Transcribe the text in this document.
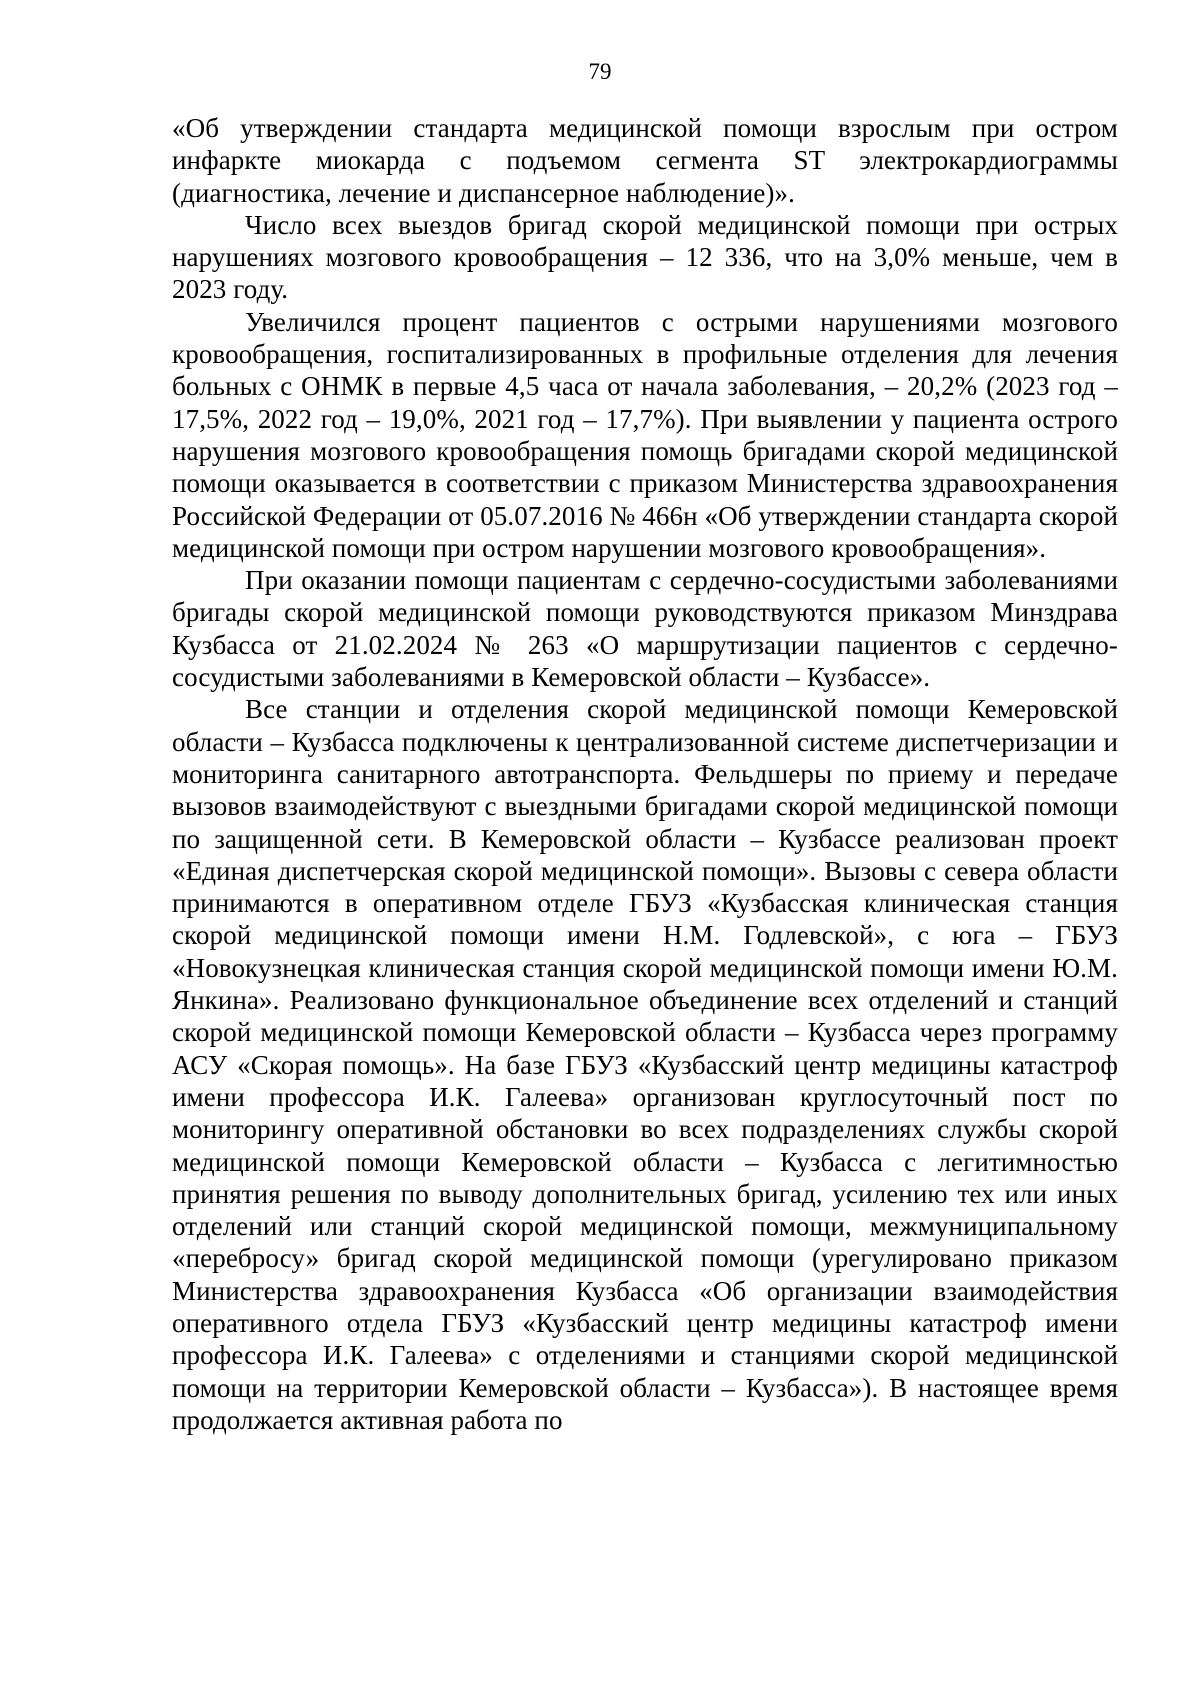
79

«Об утверждении стандарта медицинской помощи взрослым при остром инфаркте миокарда с подъемом сегмента ST электрокардиограммы (диагностика, лечение и диспансерное наблюдение)».

Число всех выездов бригад скорой медицинской помощи при острых нарушениях мозгового кровообращения – 12 336, что на 3,0% меньше, чем в 2023 году.

Увеличился процент пациентов с острыми нарушениями мозгового кровообращения, госпитализированных в профильные отделения для лечения больных с ОНМК в первые 4,5 часа от начала заболевания, – 20,2% (2023 год – 17,5%, 2022 год – 19,0%, 2021 год – 17,7%). При выявлении у пациента острого нарушения мозгового кровообращения помощь бригадами скорой медицинской помощи оказывается в соответствии с приказом Министерства здравоохранения Российской Федерации от 05.07.2016 № 466н «Об утверждении стандарта скорой медицинской помощи при остром нарушении мозгового кровообращения».

При оказании помощи пациентам с сердечно-сосудистыми заболеваниями бригады скорой медицинской помощи руководствуются приказом Минздрава Кузбасса от 21.02.2024 № 263 «О маршрутизации пациентов с сердечно-сосудистыми заболеваниями в Кемеровской области – Кузбассе».

Все станции и отделения скорой медицинской помощи Кемеровской области – Кузбасса подключены к централизованной системе диспетчеризации и мониторинга санитарного автотранспорта. Фельдшеры по приему и передаче вызовов взаимодействуют с выездными бригадами скорой медицинской помощи по защищенной сети. В Кемеровской области – Кузбассе реализован проект «Единая диспетчерская скорой медицинской помощи». Вызовы с севера области принимаются в оперативном отделе ГБУЗ «Кузбасская клиническая станция скорой медицинской помощи имени Н.М. Годлевской», с юга – ГБУЗ «Новокузнецкая клиническая станция скорой медицинской помощи имени Ю.М. Янкина». Реализовано функциональное объединение всех отделений и станций скорой медицинской помощи Кемеровской области – Кузбасса через программу АСУ «Скорая помощь». На базе ГБУЗ «Кузбасский центр медицины катастроф имени профессора И.К. Галеева» организован круглосуточный пост по мониторингу оперативной обстановки во всех подразделениях службы скорой медицинской помощи Кемеровской области – Кузбасса с легитимностью принятия решения по выводу дополнительных бригад, усилению тех или иных отделений или станций скорой медицинской помощи, межмуниципальному «перебросу» бригад скорой медицинской помощи (урегулировано приказом Министерства здравоохранения Кузбасса «Об организации взаимодействия оперативного отдела ГБУЗ «Кузбасский центр медицины катастроф имени профессора И.К. Галеева» с отделениями и станциями скорой медицинской помощи на территории Кемеровской области – Кузбасса»). В настоящее время продолжается активная работа по
